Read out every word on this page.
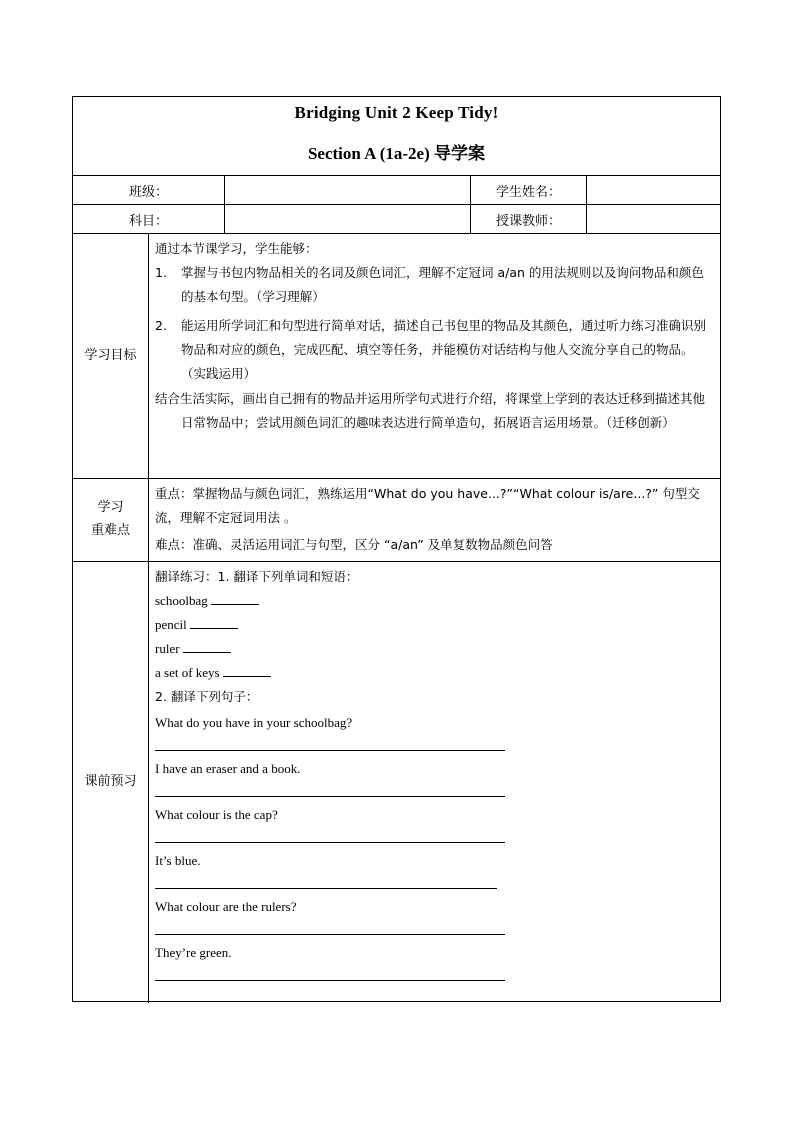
Bridging Unit 2 Keep Tidy!
Section A (1a-2e) 导学案
班级：	学生姓名：
科目：	授课教师：
学习目标
通过本节课学习，学生能够：
1. 掌握与书包内物品相关的名词及颜色词汇，理解不定冠词 a/an 的用法规则以及询问物品和颜色的基本句型。（学习理解）
2. 能运用所学词汇和句型进行简单对话，描述自己书包里的物品及其颜色，通过听力练习准确识别物品和对应的颜色，完成匹配、填空等任务，并能模仿对话结构与他人交流分享自己的物品。（实践运用）
结合生活实际，画出自己拥有的物品并运用所学句式进行介绍，将课堂上学到的表达迁移到描述其他日常物品中；尝试用颜色词汇的趣味表达进行简单造句，拓展语言运用场景。（迁移创新）
学习
重难点
重点：掌握物品与颜色词汇，熟练运用“What do you have...?”“What colour is/are...?” 句型交流，理解不定冠词用法 。
难点：准确、灵活运用词汇与句型，区分 “a/an” 及单复数物品颜色问答
课前预习
翻译练习：1. 翻译下列单词和短语：
schoolbag
pencil
ruler
a set of keys
2. 翻译下列句子：
What do you have in your schoolbag?
I have an eraser and a book.
What colour is the cap?
It’s blue.
What colour are the rulers?
They’re green.
